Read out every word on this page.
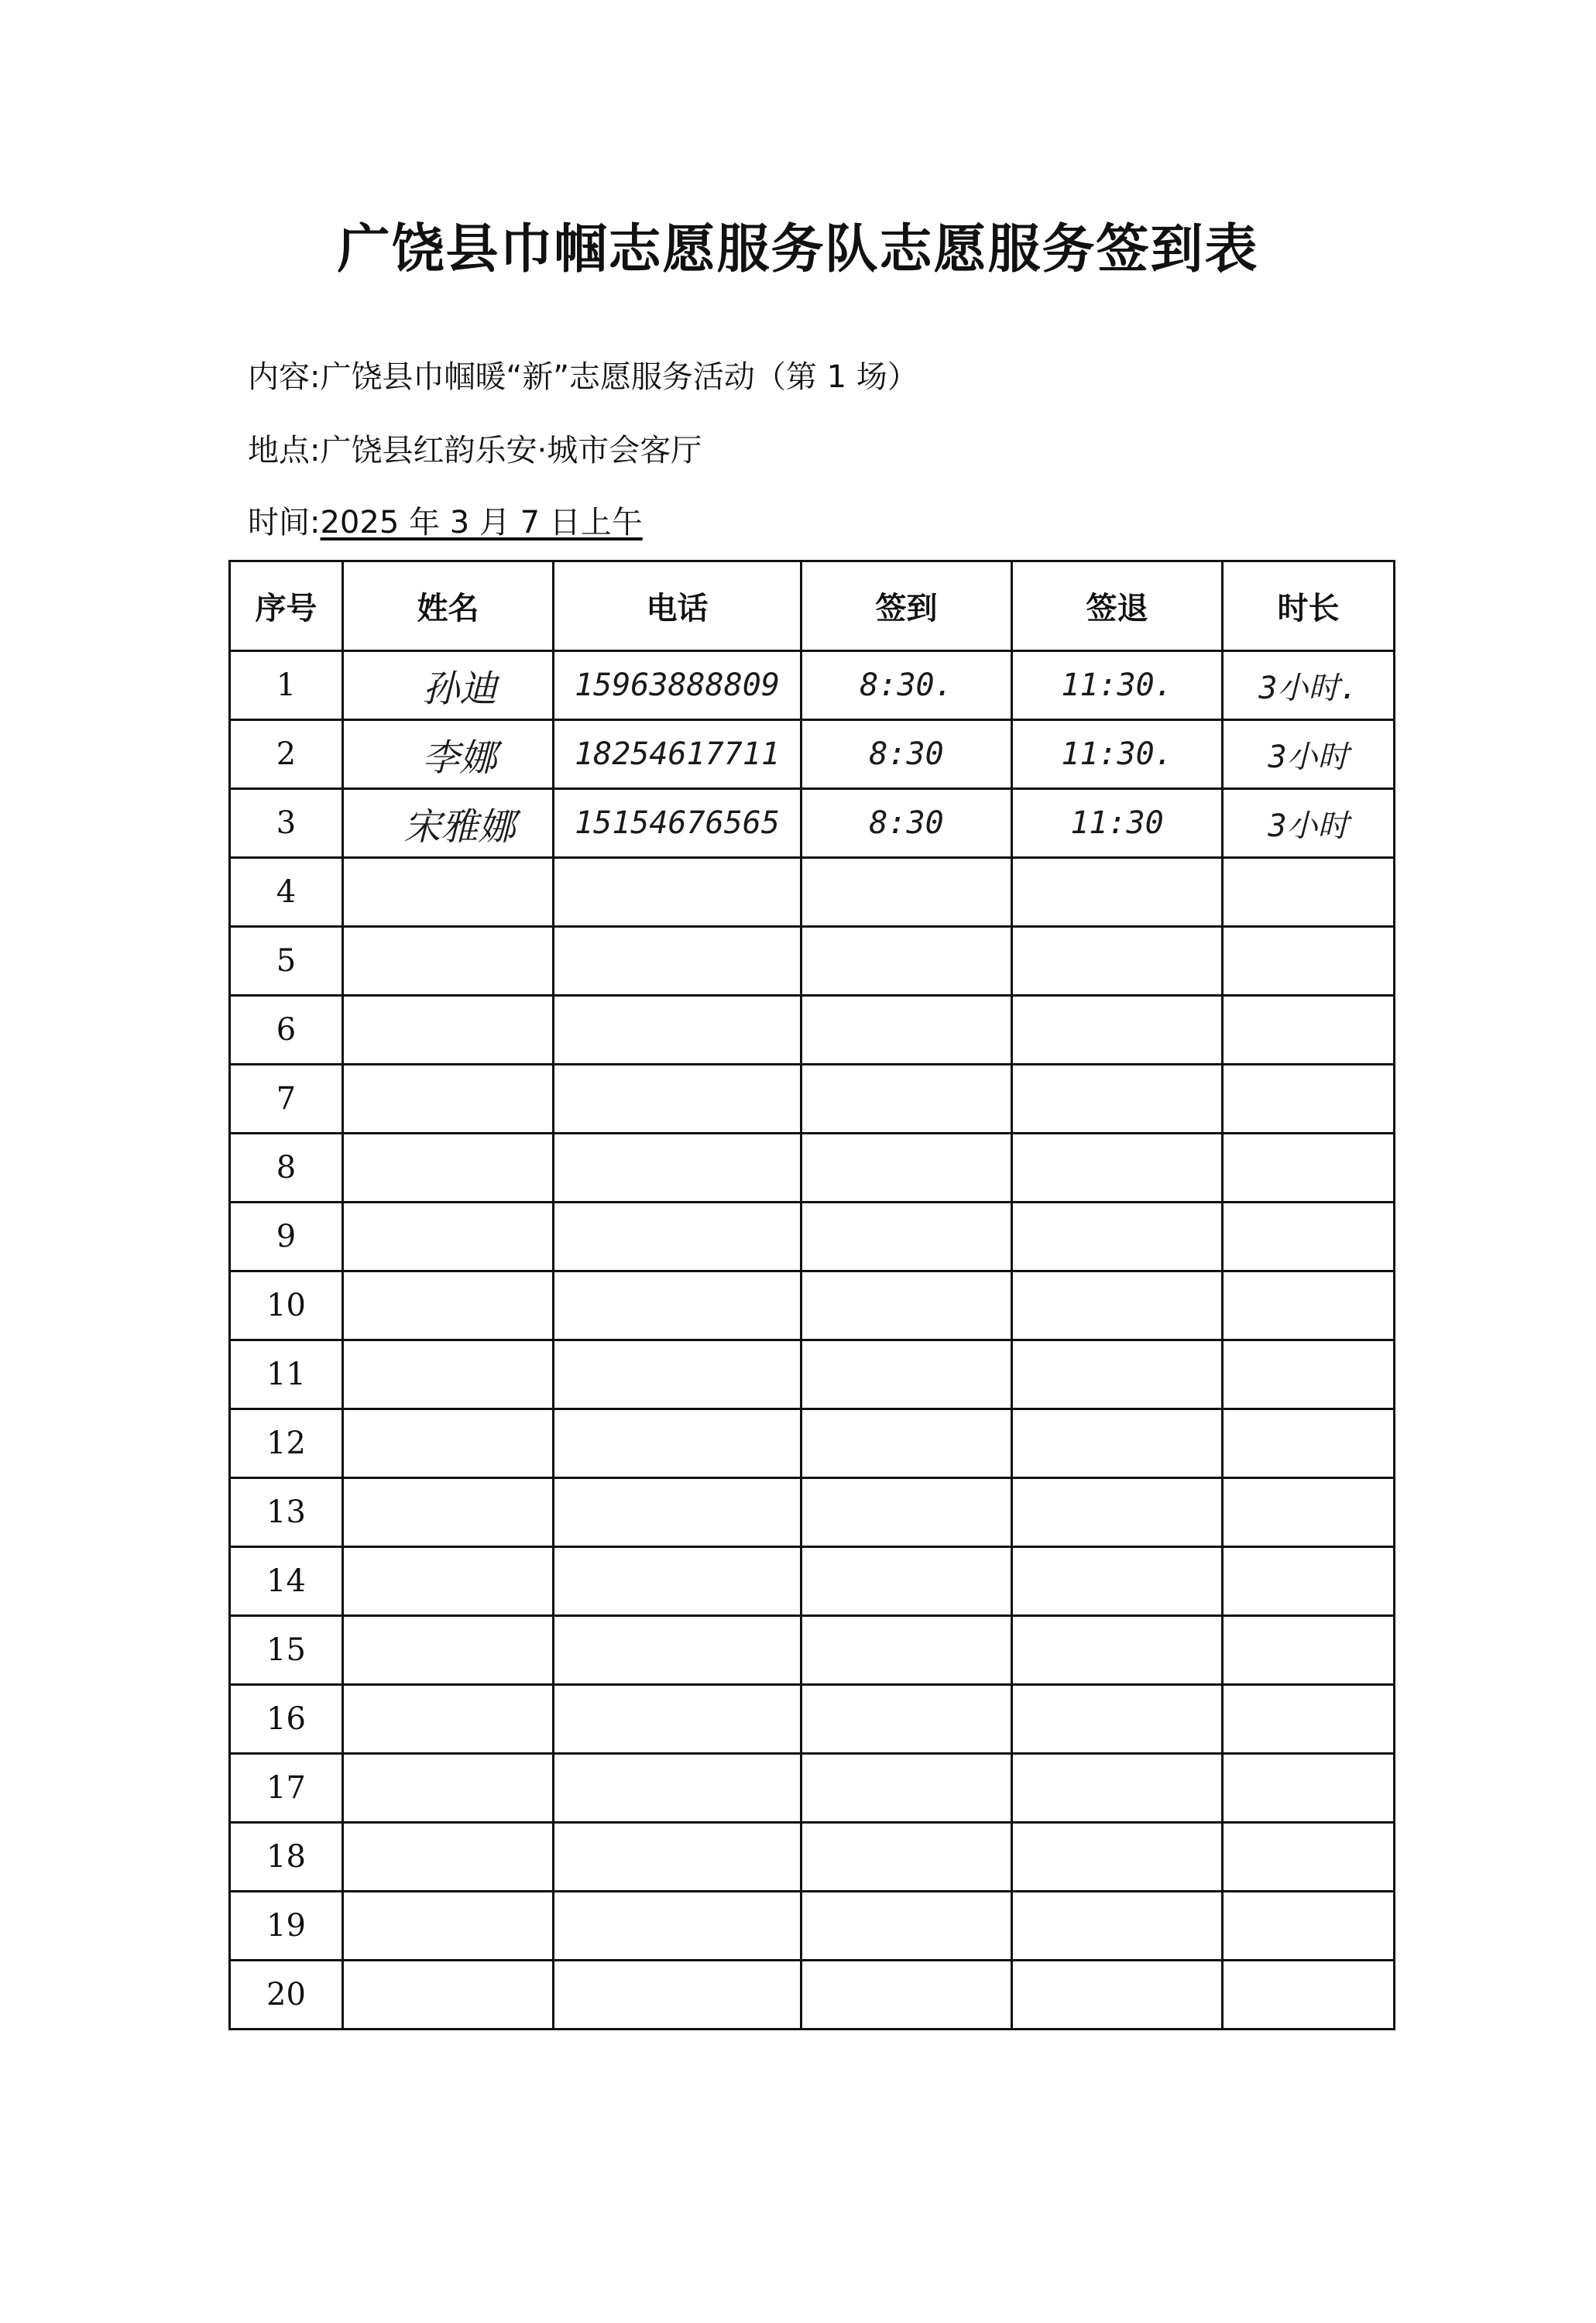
广饶县巾帼志愿服务队志愿服务签到表
内容:广饶县巾帼暖“新”志愿服务活动（第 1 场）
地点:广饶县红韵乐安·城市会客厅
时间:2025 年 3 月 7 日上午
序号	姓名	电话	签到	签退	时长
1	孙迪	15963888809	8:30.	11:30.	3小时.
2	李娜	18254617711	8:30	11:30.	3小时
3	宋雅娜	15154676565	8:30	11:30	3小时
4					
5					
6					
7					
8					
9					
10					
11					
12					
13					
14					
15					
16					
17					
18					
19					
20					
